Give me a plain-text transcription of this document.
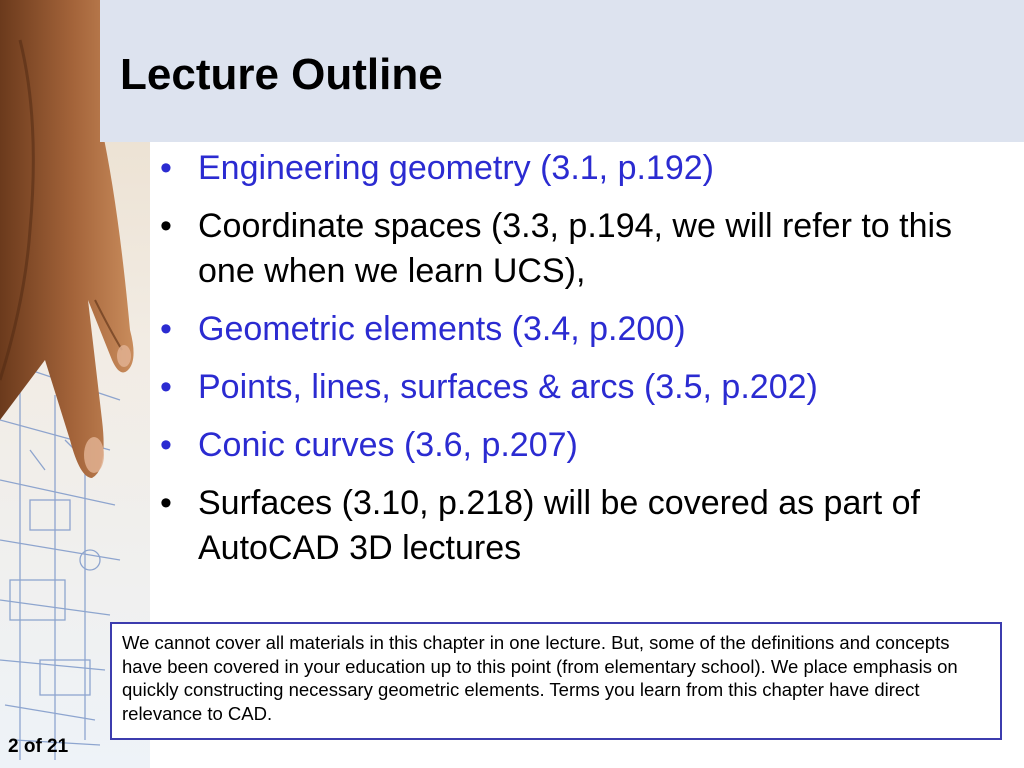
Lecture Outline
• Engineering geometry (3.1, p.192)
• Coordinate spaces (3.3, p.194, we will refer to this one when we learn UCS),
• Geometric elements (3.4, p.200)
• Points, lines, surfaces & arcs (3.5, p.202)
• Conic curves (3.6, p.207)
• Surfaces (3.10, p.218) will be covered as part of AutoCAD 3D lectures
We cannot cover all materials in this chapter in one lecture. But, some of the definitions and concepts have been covered in your education up to this point (from elementary school). We place emphasis on quickly constructing necessary geometric elements. Terms you learn from this chapter have direct relevance to CAD.
2 of 21
